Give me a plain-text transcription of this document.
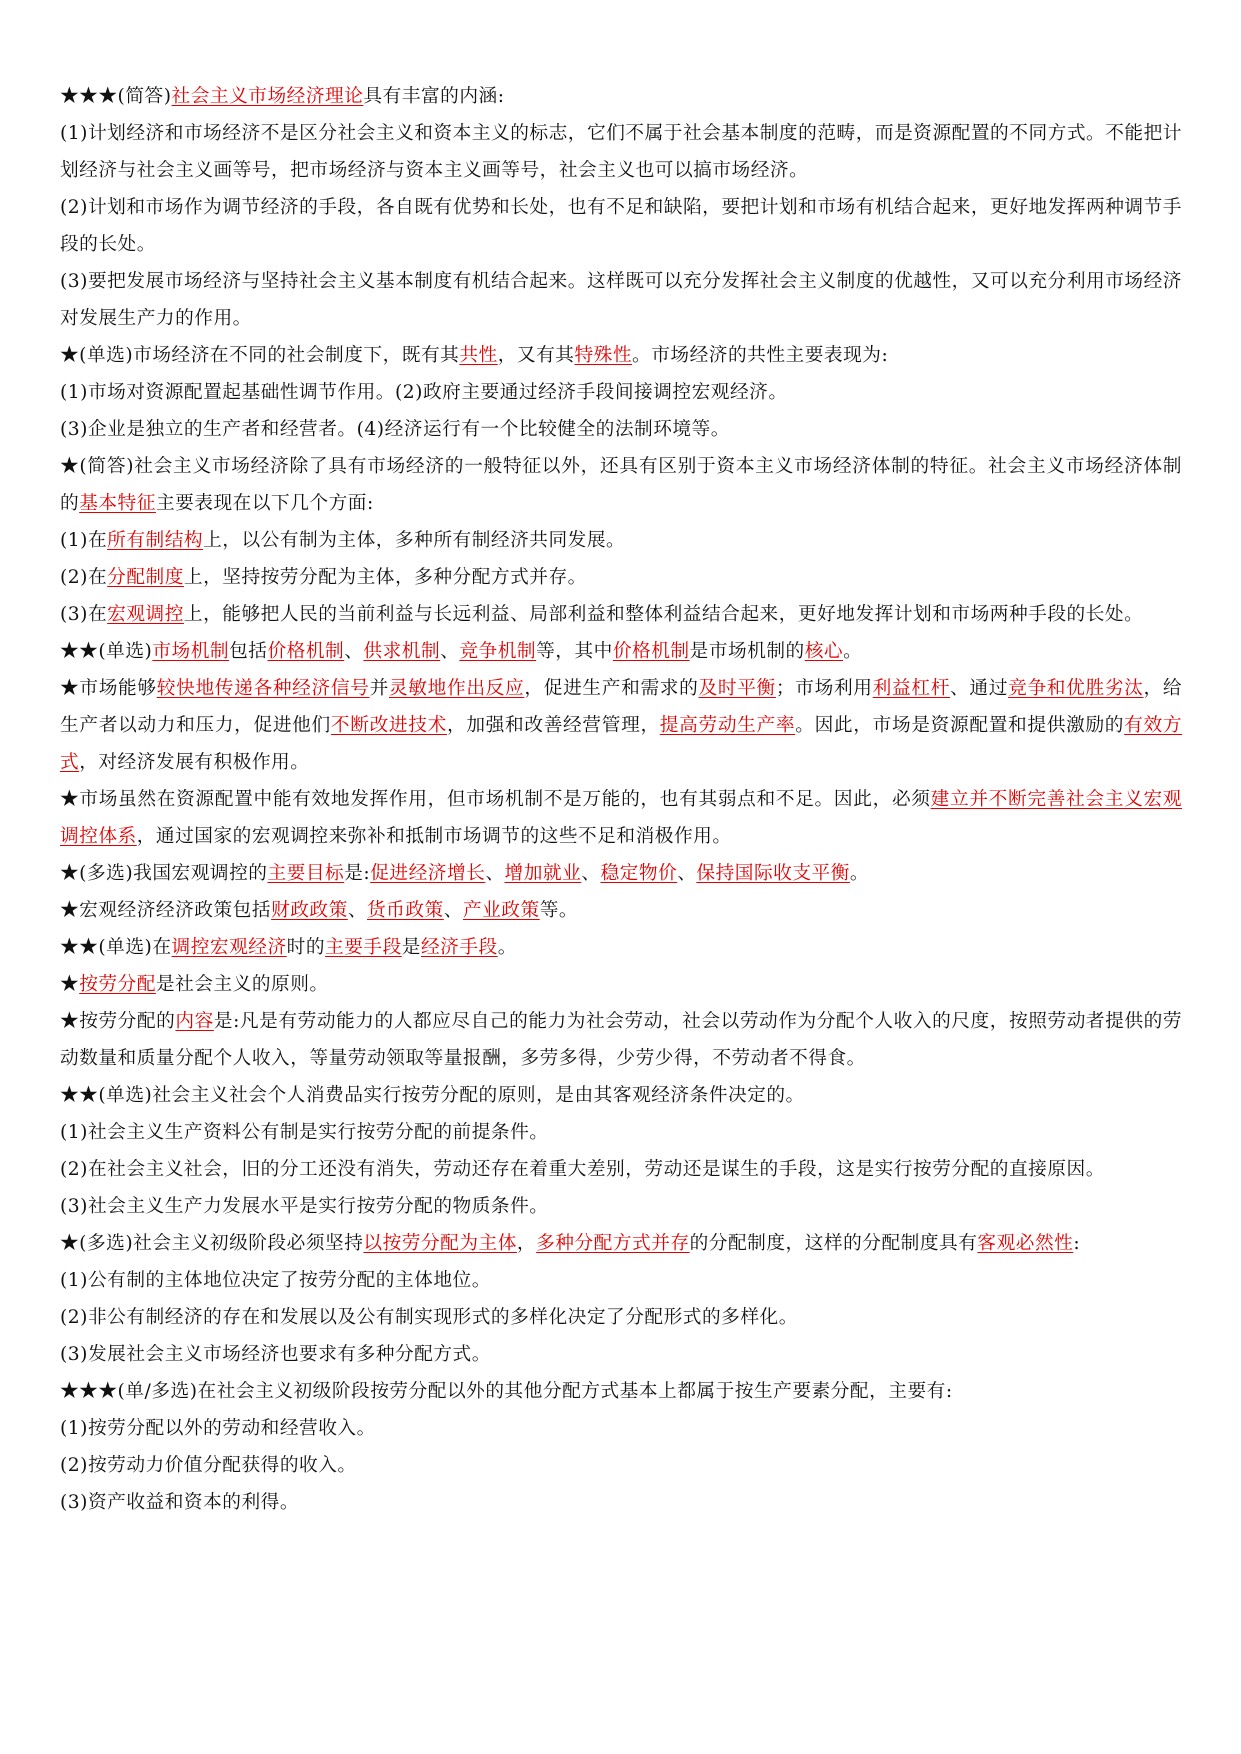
★★★(简答)社会主义市场经济理论具有丰富的内涵:

(1)计划经济和市场经济不是区分社会主义和资本主义的标志，它们不属于社会基本制度的范畴，而是资源配置的不同方式。不能把计划经济与社会主义画等号，把市场经济与资本主义画等号，社会主义也可以搞市场经济。

(2)计划和市场作为调节经济的手段，各自既有优势和长处，也有不足和缺陷，要把计划和市场有机结合起来，更好地发挥两种调节手段的长处。

(3)要把发展市场经济与坚持社会主义基本制度有机结合起来。这样既可以充分发挥社会主义制度的优越性，又可以充分利用市场经济对发展生产力的作用。

★(单选)市场经济在不同的社会制度下，既有其共性，又有其特殊性。市场经济的共性主要表现为:

(1)市场对资源配置起基础性调节作用。(2)政府主要通过经济手段间接调控宏观经济。

(3)企业是独立的生产者和经营者。(4)经济运行有一个比较健全的法制环境等。

★(简答)社会主义市场经济除了具有市场经济的一般特征以外，还具有区别于资本主义市场经济体制的特征。社会主义市场经济体制的基本特征主要表现在以下几个方面:

(1)在所有制结构上，以公有制为主体，多种所有制经济共同发展。

(2)在分配制度上，坚持按劳分配为主体，多种分配方式并存。

(3)在宏观调控上，能够把人民的当前利益与长远利益、局部利益和整体利益结合起来，更好地发挥计划和市场两种手段的长处。

★★(单选)市场机制包括价格机制、供求机制、竞争机制等，其中价格机制是市场机制的核心。

★市场能够较快地传递各种经济信号并灵敏地作出反应，促进生产和需求的及时平衡；市场利用利益杠杆、通过竞争和优胜劣汰，给生产者以动力和压力，促进他们不断改进技术，加强和改善经营管理，提高劳动生产率。因此，市场是资源配置和提供激励的有效方式，对经济发展有积极作用。

★市场虽然在资源配置中能有效地发挥作用，但市场机制不是万能的，也有其弱点和不足。因此，必须建立并不断完善社会主义宏观调控体系，通过国家的宏观调控来弥补和抵制市场调节的这些不足和消极作用。

★(多选)我国宏观调控的主要目标是:促进经济增长、增加就业、稳定物价、保持国际收支平衡。

★宏观经济经济政策包括财政政策、货币政策、产业政策等。

★★(单选)在调控宏观经济时的主要手段是经济手段。

★按劳分配是社会主义的原则。

★按劳分配的内容是:凡是有劳动能力的人都应尽自己的能力为社会劳动，社会以劳动作为分配个人收入的尺度，按照劳动者提供的劳动数量和质量分配个人收入，等量劳动领取等量报酬，多劳多得，少劳少得，不劳动者不得食。

★★(单选)社会主义社会个人消费品实行按劳分配的原则，是由其客观经济条件决定的。

(1)社会主义生产资料公有制是实行按劳分配的前提条件。

(2)在社会主义社会，旧的分工还没有消失，劳动还存在着重大差别，劳动还是谋生的手段，这是实行按劳分配的直接原因。

(3)社会主义生产力发展水平是实行按劳分配的物质条件。

★(多选)社会主义初级阶段必须坚持以按劳分配为主体，多种分配方式并存的分配制度，这样的分配制度具有客观必然性:

(1)公有制的主体地位决定了按劳分配的主体地位。

(2)非公有制经济的存在和发展以及公有制实现形式的多样化决定了分配形式的多样化。

(3)发展社会主义市场经济也要求有多种分配方式。

★★★(单/多选)在社会主义初级阶段按劳分配以外的其他分配方式基本上都属于按生产要素分配，主要有:

(1)按劳分配以外的劳动和经营收入。

(2)按劳动力价值分配获得的收入。

(3)资产收益和资本的利得。
